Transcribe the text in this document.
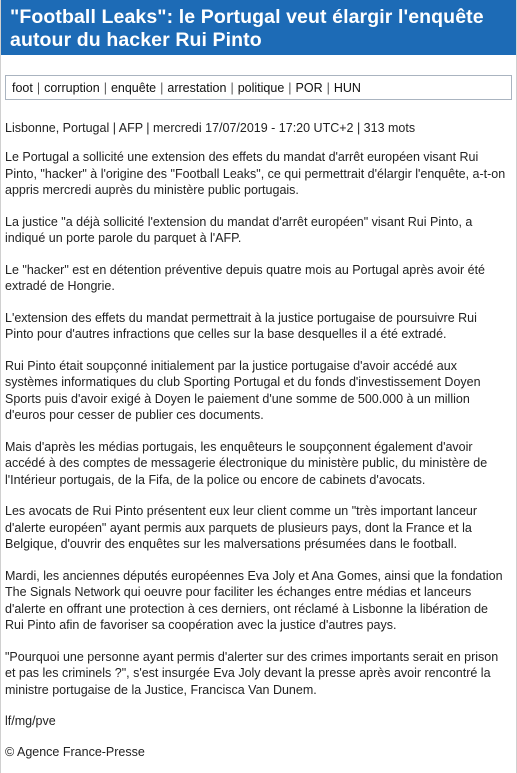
"Football Leaks": le Portugal veut élargir l'enquête autour du hacker Rui Pinto
foot | corruption | enquête | arrestation | politique | POR | HUN
Lisbonne, Portugal | AFP | mercredi 17/07/2019 - 17:20 UTC+2 | 313 mots

Le Portugal a sollicité une extension des effets du mandat d'arrêt européen visant Rui Pinto, "hacker" à l'origine des "Football Leaks", ce qui permettrait d'élargir l'enquête, a-t-on appris mercredi auprès du ministère public portugais.

La justice "a déjà sollicité l'extension du mandat d'arrêt européen" visant Rui Pinto, a indiqué un porte parole du parquet à l'AFP.

Le "hacker" est en détention préventive depuis quatre mois au Portugal après avoir été extradé de Hongrie.

L'extension des effets du mandat permettrait à la justice portugaise de poursuivre Rui Pinto pour d'autres infractions que celles sur la base desquelles il a été extradé.

Rui Pinto était soupçonné initialement par la justice portugaise d'avoir accédé aux systèmes informatiques du club Sporting Portugal et du fonds d'investissement Doyen Sports puis d'avoir exigé à Doyen le paiement d'une somme de 500.000 à un million d'euros pour cesser de publier ces documents.

Mais d'après les médias portugais, les enquêteurs le soupçonnent également d'avoir accédé à des comptes de messagerie électronique du ministère public, du ministère de l'Intérieur portugais, de la Fifa, de la police ou encore de cabinets d'avocats.

Les avocats de Rui Pinto présentent eux leur client comme un "très important lanceur d'alerte européen" ayant permis aux parquets de plusieurs pays, dont la France et la Belgique, d'ouvrir des enquêtes sur les malversations présumées dans le football.

Mardi, les anciennes députés européennes Eva Joly et Ana Gomes, ainsi que la fondation The Signals Network qui oeuvre pour faciliter les échanges entre médias et lanceurs d'alerte en offrant une protection à ces derniers, ont réclamé à Lisbonne la libération de Rui Pinto afin de favoriser sa coopération avec la justice d'autres pays.

"Pourquoi une personne ayant permis d'alerter sur des crimes importants serait en prison et pas les criminels ?", s'est insurgée Eva Joly devant la presse après avoir rencontré la ministre portugaise de la Justice, Francisca Van Dunem.

lf/mg/pve

© Agence France-Presse
